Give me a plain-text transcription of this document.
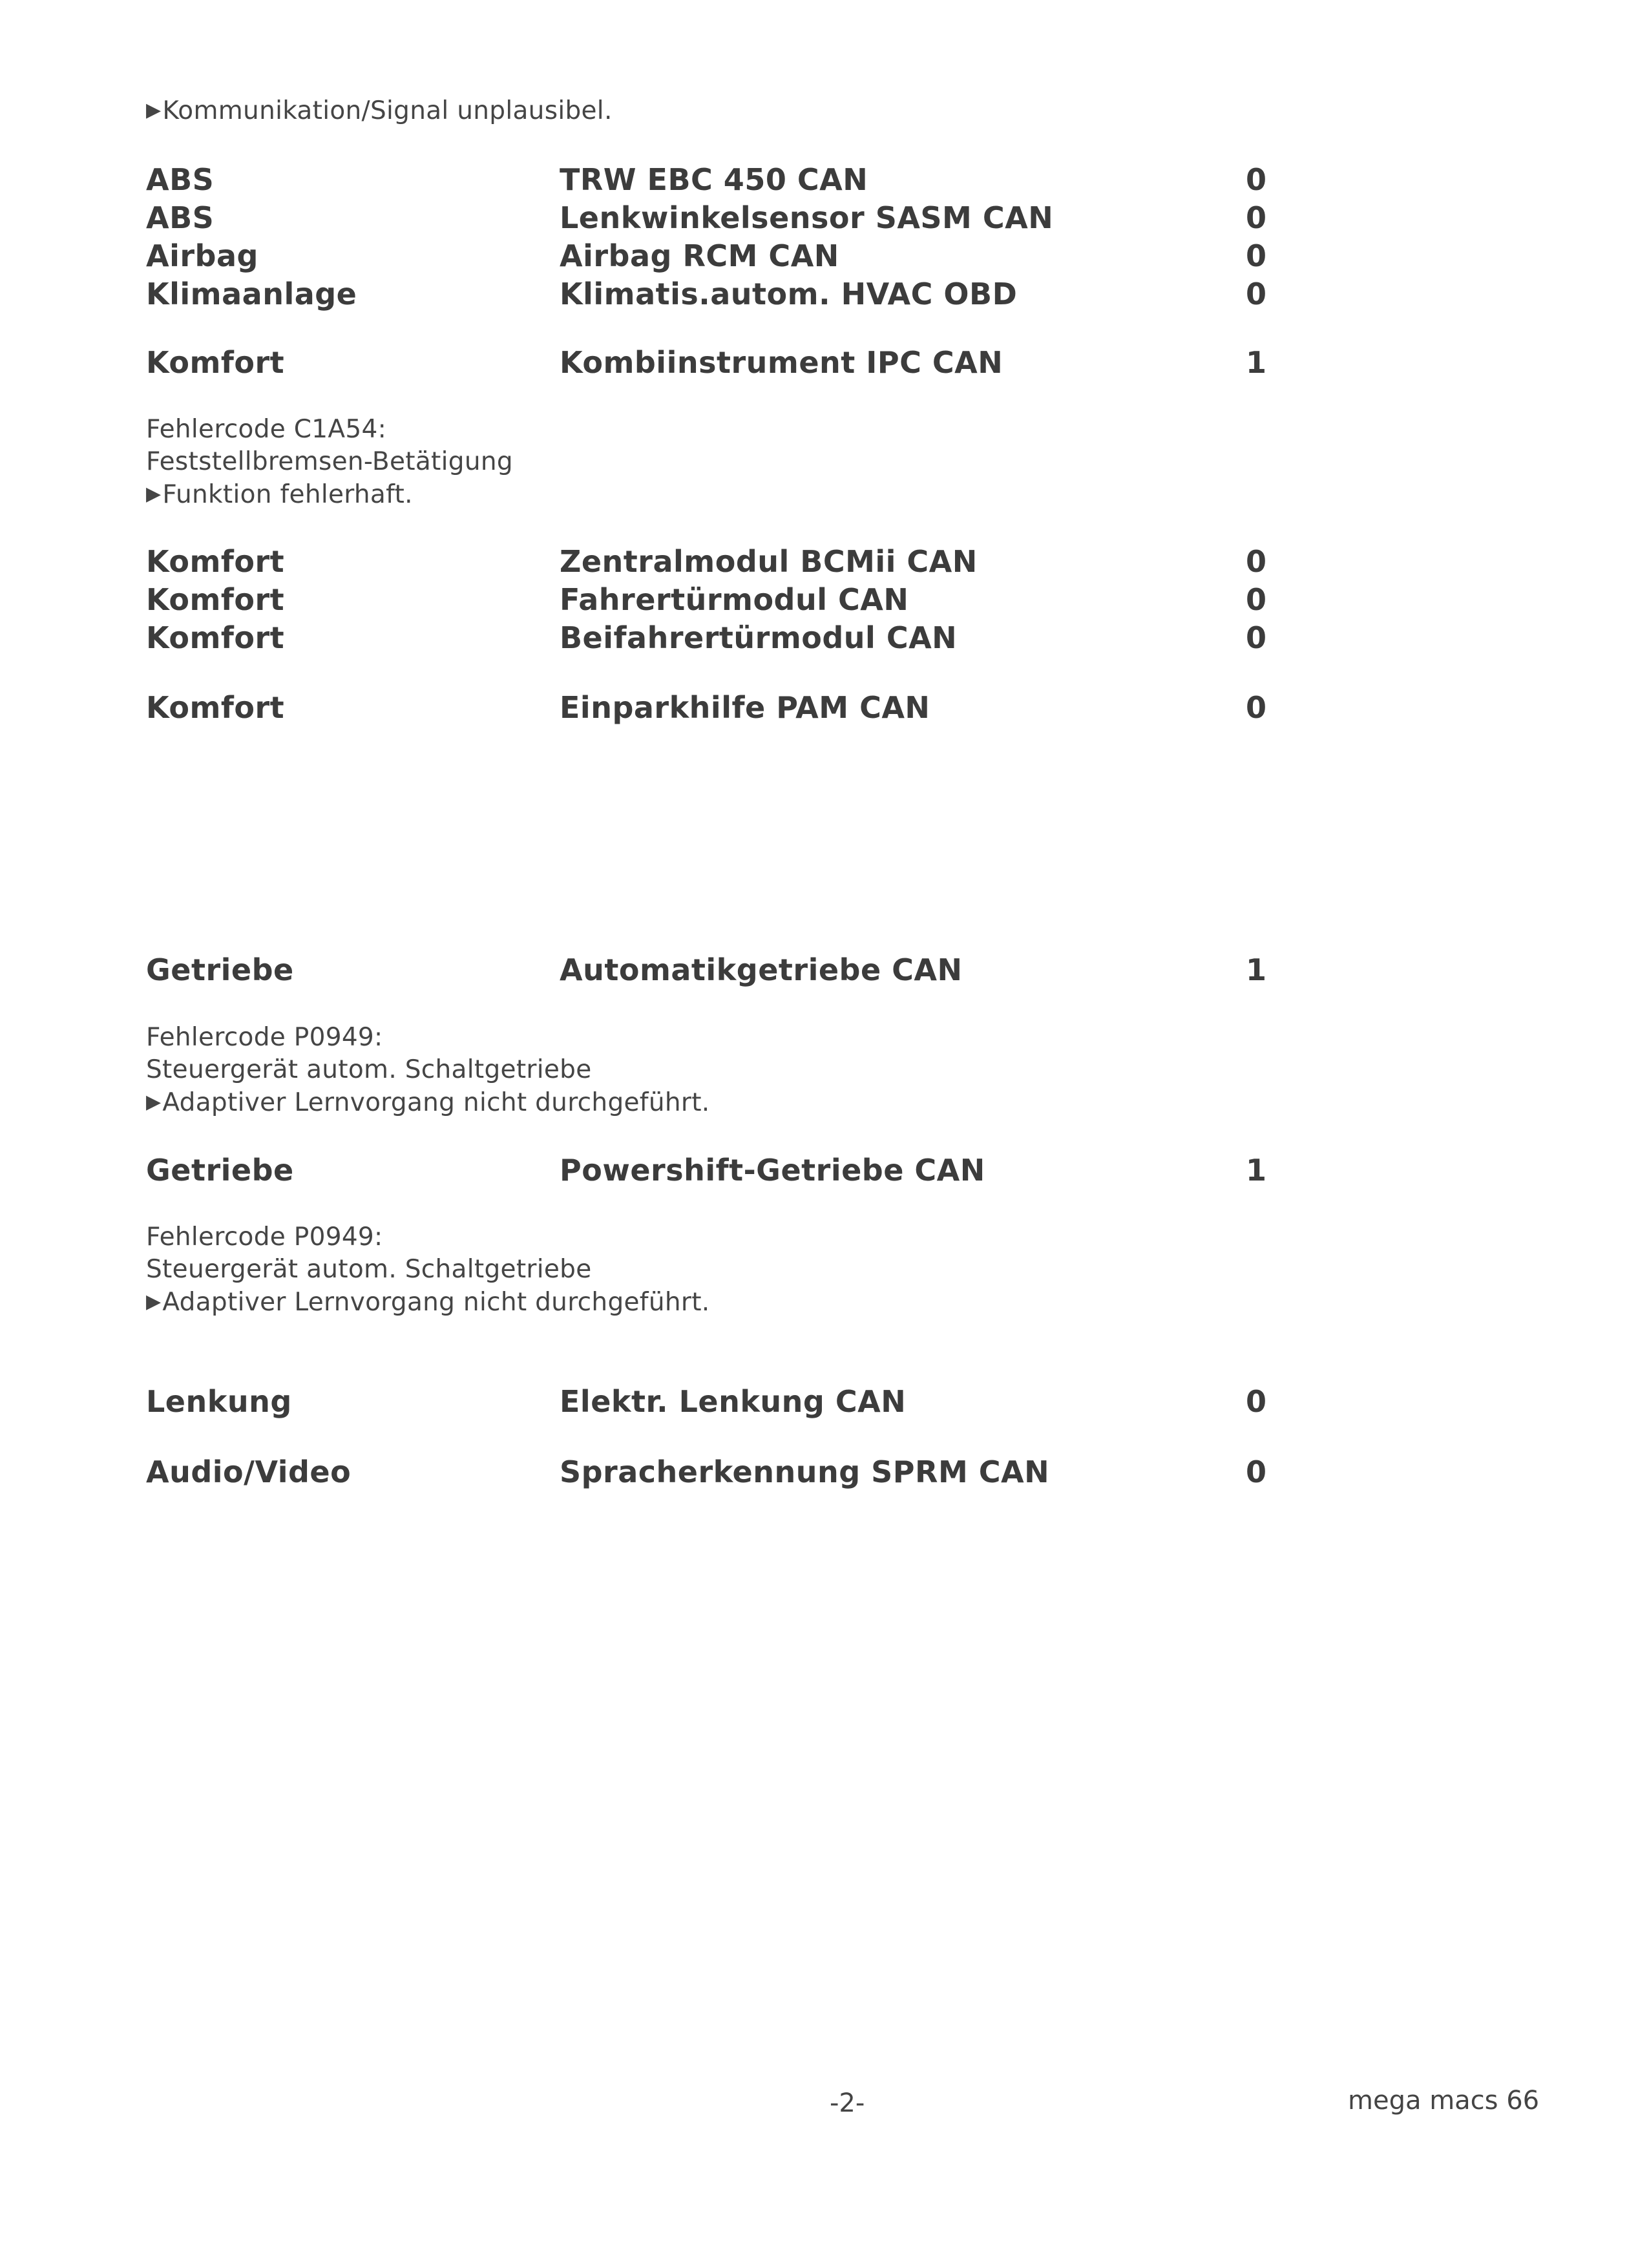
▶Kommunikation/Signal unplausibel.
ABS	TRW EBC 450 CAN	0
ABS	Lenkwinkelsensor SASM CAN	0
Airbag	Airbag RCM CAN	0
Klimaanlage	Klimatis.autom. HVAC OBD	0
Komfort	Kombiinstrument IPC CAN	1
Fehlercode C1A54:
Feststellbremsen-Betätigung
▶Funktion fehlerhaft.
Komfort	Zentralmodul BCMii CAN	0
Komfort	Fahrertürmodul CAN	0
Komfort	Beifahrertürmodul CAN	0
Komfort	Einparkhilfe PAM CAN	0
Getriebe	Automatikgetriebe CAN	1
Fehlercode P0949:
Steuergerät autom. Schaltgetriebe
▶Adaptiver Lernvorgang nicht durchgeführt.
Getriebe	Powershift-Getriebe CAN	1
Fehlercode P0949:
Steuergerät autom. Schaltgetriebe
▶Adaptiver Lernvorgang nicht durchgeführt.
Lenkung	Elektr. Lenkung CAN	0
Audio/Video	Spracherkennung SPRM CAN	0
-2-	mega macs 66
